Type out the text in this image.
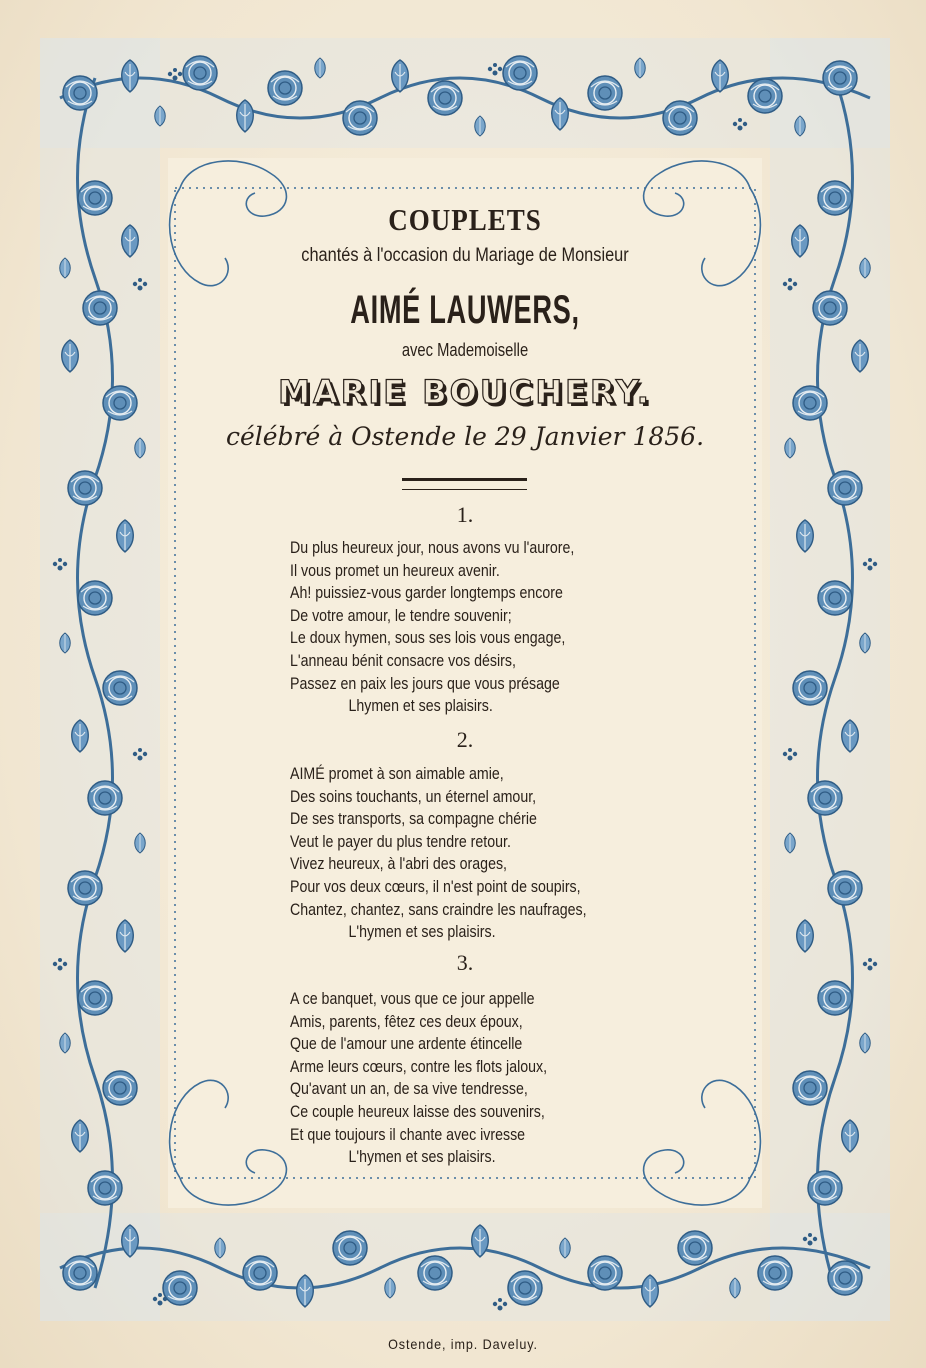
COUPLETS
chantés à l'occasion du Mariage de Monsieur
AIMÉ LAUWERS,
avec Mademoiselle
MARIE BOUCHERY.
célébré à Ostende le 29 Janvier 1856.
1.
Du plus heureux jour, nous avons vu l'aurore,
Il vous promet un heureux avenir.
Ah! puissiez-vous garder longtemps encore
De votre amour, le tendre souvenir;
Le doux hymen, sous ses lois vous engage,
L'anneau bénit consacre vos désirs,
Passez en paix les jours que vous présage
Lhymen et ses plaisirs.
2.
AIMÉ promet à son aimable amie,
Des soins touchants, un éternel amour,
De ses transports, sa compagne chérie
Veut le payer du plus tendre retour.
Vivez heureux, à l'abri des orages,
Pour vos deux cœurs, il n'est point de soupirs,
Chantez, chantez, sans craindre les naufrages,
L'hymen et ses plaisirs.
3.
A ce banquet, vous que ce jour appelle
Amis, parents, fêtez ces deux époux,
Que de l'amour une ardente étincelle
Arme leurs cœurs, contre les flots jaloux,
Qu'avant un an, de sa vive tendresse,
Ce couple heureux laisse des souvenirs,
Et que toujours il chante avec ivresse
L'hymen et ses plaisirs.
Ostende, imp. Daveluy.
